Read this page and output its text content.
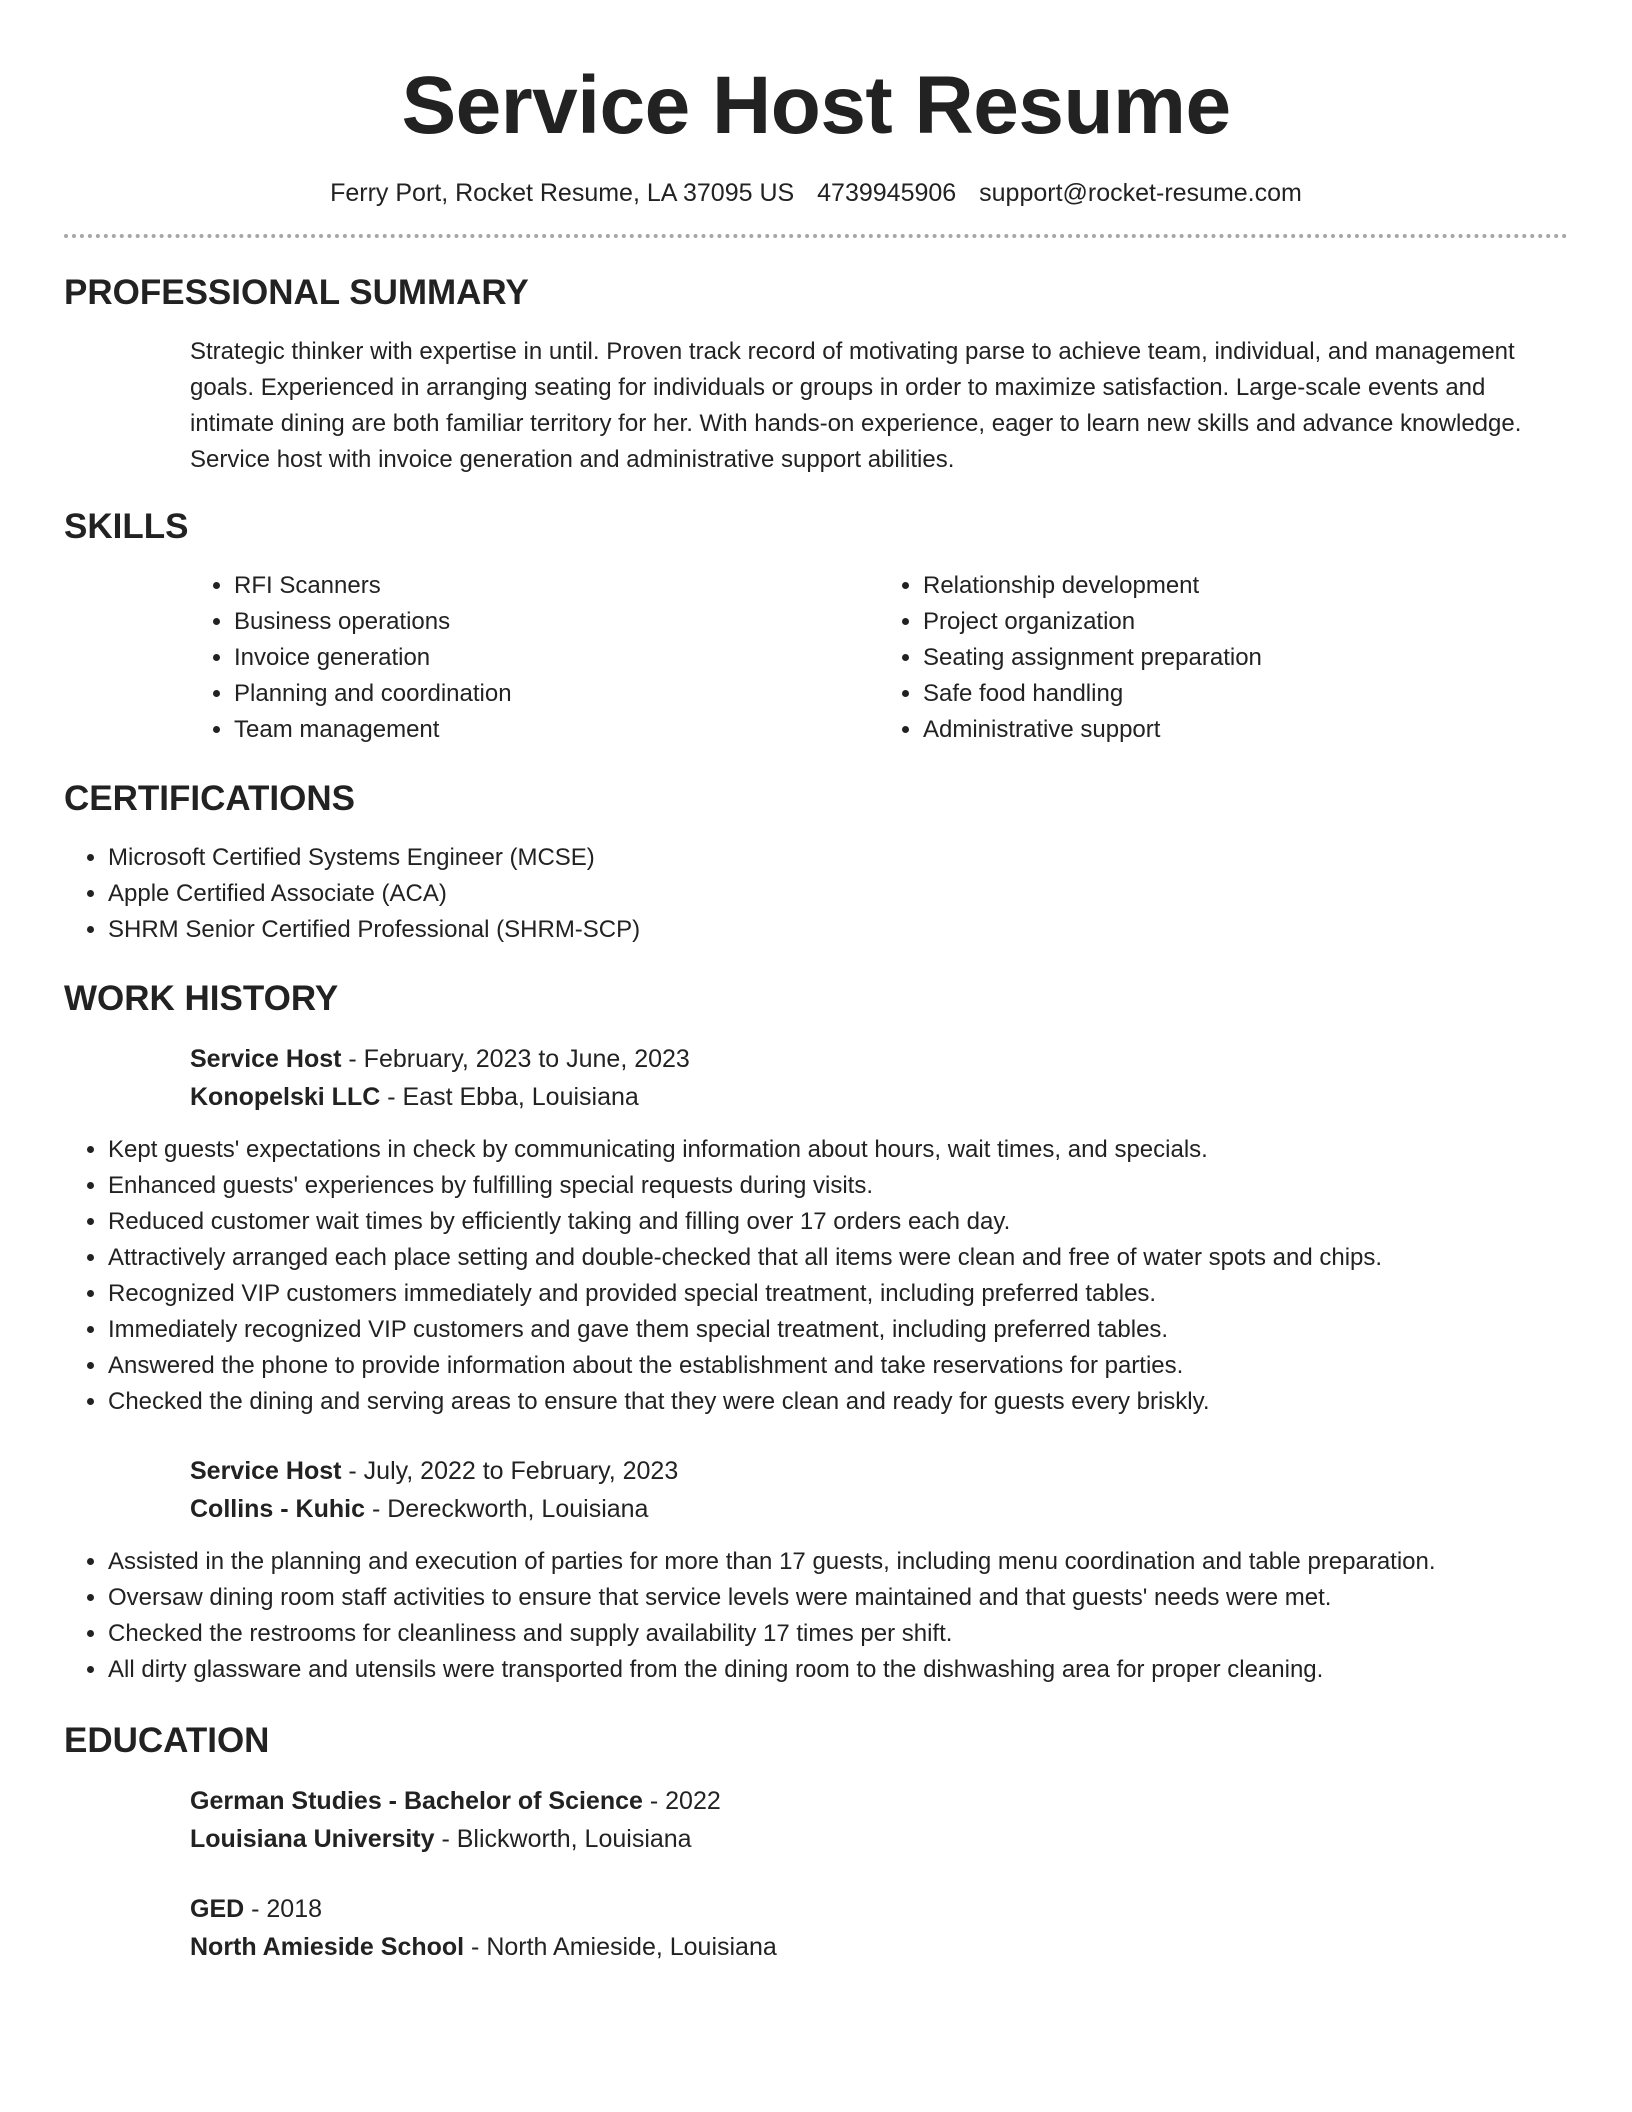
Service Host Resume
Ferry Port, Rocket Resume, LA 37095 US 4739945906 support@rocket-resume.com
PROFESSIONAL SUMMARY
Strategic thinker with expertise in until. Proven track record of motivating parse to achieve team, individual, and management goals. Experienced in arranging seating for individuals or groups in order to maximize satisfaction. Large-scale events and intimate dining are both familiar territory for her. With hands-on experience, eager to learn new skills and advance knowledge. Service host with invoice generation and administrative support abilities.
SKILLS
• RFI Scanners
• Business operations
• Invoice generation
• Planning and coordination
• Team management
• Relationship development
• Project organization
• Seating assignment preparation
• Safe food handling
• Administrative support
CERTIFICATIONS
• Microsoft Certified Systems Engineer (MCSE)
• Apple Certified Associate (ACA)
• SHRM Senior Certified Professional (SHRM-SCP)
WORK HISTORY
Service Host - February, 2023 to June, 2023
Konopelski LLC - East Ebba, Louisiana
• Kept guests' expectations in check by communicating information about hours, wait times, and specials.
• Enhanced guests' experiences by fulfilling special requests during visits.
• Reduced customer wait times by efficiently taking and filling over 17 orders each day.
• Attractively arranged each place setting and double-checked that all items were clean and free of water spots and chips.
• Recognized VIP customers immediately and provided special treatment, including preferred tables.
• Immediately recognized VIP customers and gave them special treatment, including preferred tables.
• Answered the phone to provide information about the establishment and take reservations for parties.
• Checked the dining and serving areas to ensure that they were clean and ready for guests every briskly.
Service Host - July, 2022 to February, 2023
Collins - Kuhic - Dereckworth, Louisiana
• Assisted in the planning and execution of parties for more than 17 guests, including menu coordination and table preparation.
• Oversaw dining room staff activities to ensure that service levels were maintained and that guests' needs were met.
• Checked the restrooms for cleanliness and supply availability 17 times per shift.
• All dirty glassware and utensils were transported from the dining room to the dishwashing area for proper cleaning.
EDUCATION
German Studies - Bachelor of Science - 2022
Louisiana University - Blickworth, Louisiana
GED - 2018
North Amieside School - North Amieside, Louisiana
